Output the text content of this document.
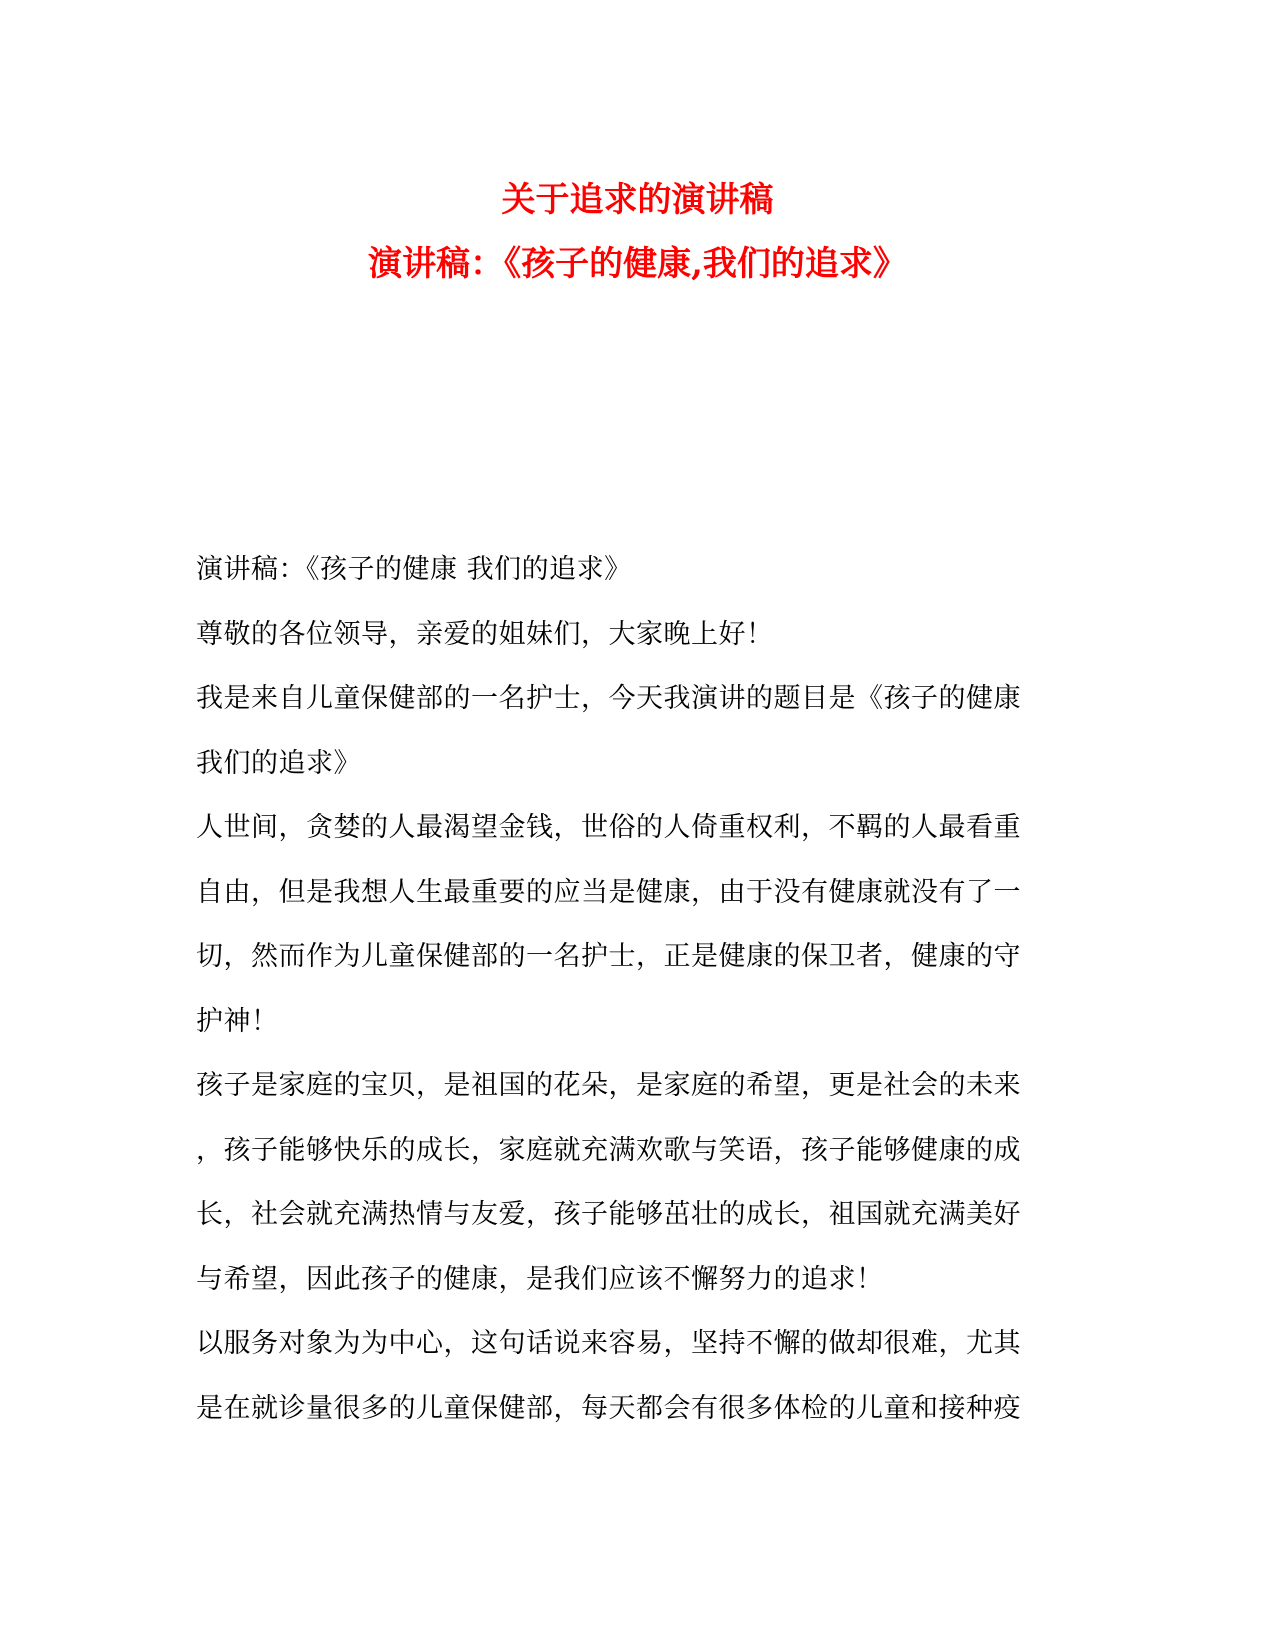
关于追求的演讲稿
演讲稿：《孩子的健康,我们的追求》
演讲稿：《孩子的健康 我们的追求》
尊敬的各位领导，亲爱的姐妹们，大家晚上好！
我是来自儿童保健部的一名护士，今天我演讲的题目是《孩子的健康
我们的追求》
人世间，贪婪的人最渴望金钱，世俗的人倚重权利，不羁的人最看重
自由，但是我想人生最重要的应当是健康，由于没有健康就没有了一
切，然而作为儿童保健部的一名护士，正是健康的保卫者，健康的守
护神！
孩子是家庭的宝贝，是祖国的花朵，是家庭的希望，更是社会的未来
，孩子能够快乐的成长，家庭就充满欢歌与笑语，孩子能够健康的成
长，社会就充满热情与友爱，孩子能够茁壮的成长，祖国就充满美好
与希望，因此孩子的健康，是我们应该不懈努力的追求！
以服务对象为为中心，这句话说来容易，坚持不懈的做却很难，尤其
是在就诊量很多的儿童保健部，每天都会有很多体检的儿童和接种疫
